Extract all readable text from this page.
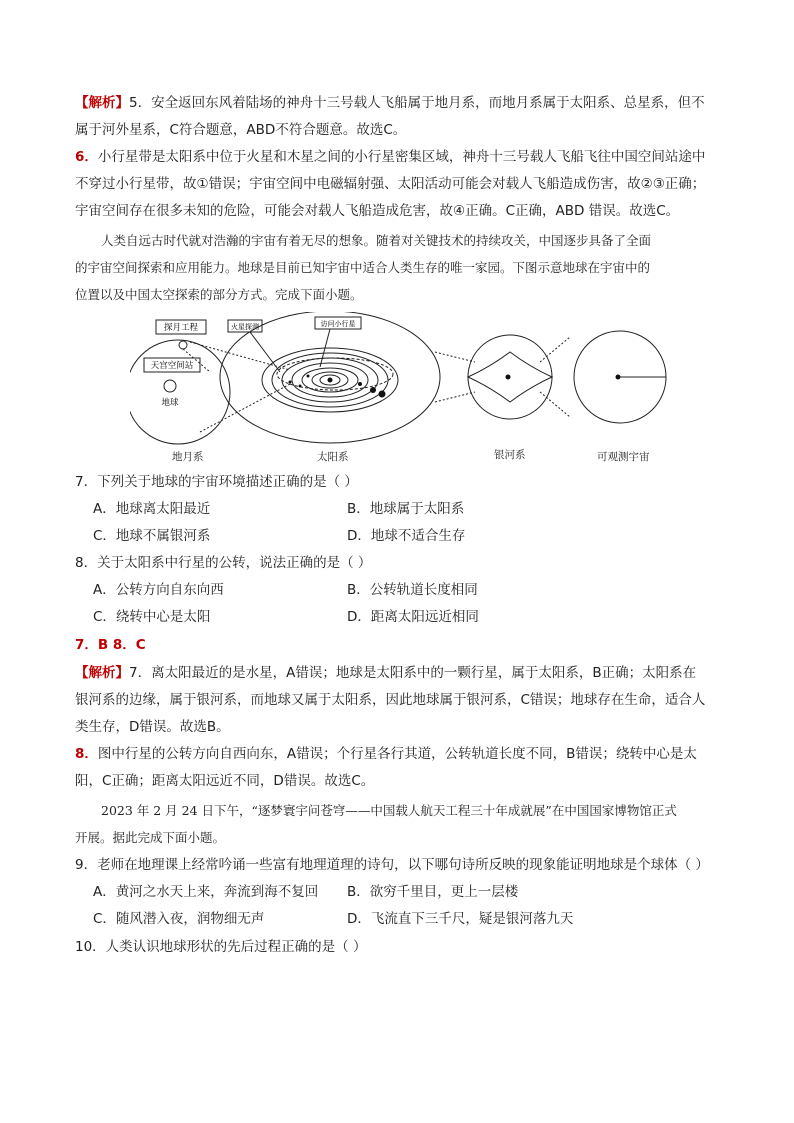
【解析】5．安全返回东风着陆场的神舟十三号载人飞船属于地月系，而地月系属于太阳系、总星系，但不
属于河外星系，C符合题意，ABD不符合题意。故选C。
6．小行星带是太阳系中位于火星和木星之间的小行星密集区域，神舟十三号载人飞船飞往中国空间站途中
不穿过小行星带，故①错误；宇宙空间中电磁辐射强、太阳活动可能会对载人飞船造成伤害，故②③正确；
宇宙空间存在很多未知的危险，可能会对载人飞船造成危害，故④正确。C正确，ABD 错误。故选C。
人类自远古时代就对浩瀚的宇宙有着无尽的想象。随着对关键技术的持续攻关，中国逐步具备了全面
的宇宙空间探索和应用能力。地球是目前已知宇宙中适合人类生存的唯一家园。下图示意地球在宇宙中的
位置以及中国太空探索的部分方式。完成下面小题。
探月工程
天宫空间站
地球
火星探测	访问小行星
地月系	太阳系	银河系	可观测宇宙
7．下列关于地球的宇宙环境描述正确的是（ ）
A．地球离太阳最近	B．地球属于太阳系
C．地球不属银河系	D．地球不适合生存
8．关于太阳系中行星的公转，说法正确的是（ ）
A．公转方向自东向西	B．公转轨道长度相同
C．绕转中心是太阳	D．距离太阳远近相同
7．B 8．C
【解析】7．离太阳最近的是水星，A错误；地球是太阳系中的一颗行星，属于太阳系，B正确；太阳系在
银河系的边缘，属于银河系，而地球又属于太阳系，因此地球属于银河系，C错误；地球存在生命，适合人
类生存，D错误。故选B。
8．图中行星的公转方向自西向东，A错误；个行星各行其道，公转轨道长度不同，B错误；绕转中心是太
阳，C正确；距离太阳远近不同，D错误。故选C。
2023 年 2 月 24 日下午，“逐梦寰宇问苍穹——中国载人航天工程三十年成就展”在中国国家博物馆正式
开展。据此完成下面小题。
9．老师在地理课上经常吟诵一些富有地理道理的诗句，以下哪句诗所反映的现象能证明地球是个球体（ ）
A．黄河之水天上来，奔流到海不复回 B．欲穷千里目，更上一层楼
C．随风潜入夜，润物细无声	D．飞流直下三千尺，疑是银河落九天
10．人类认识地球形状的先后过程正确的是（ ）
